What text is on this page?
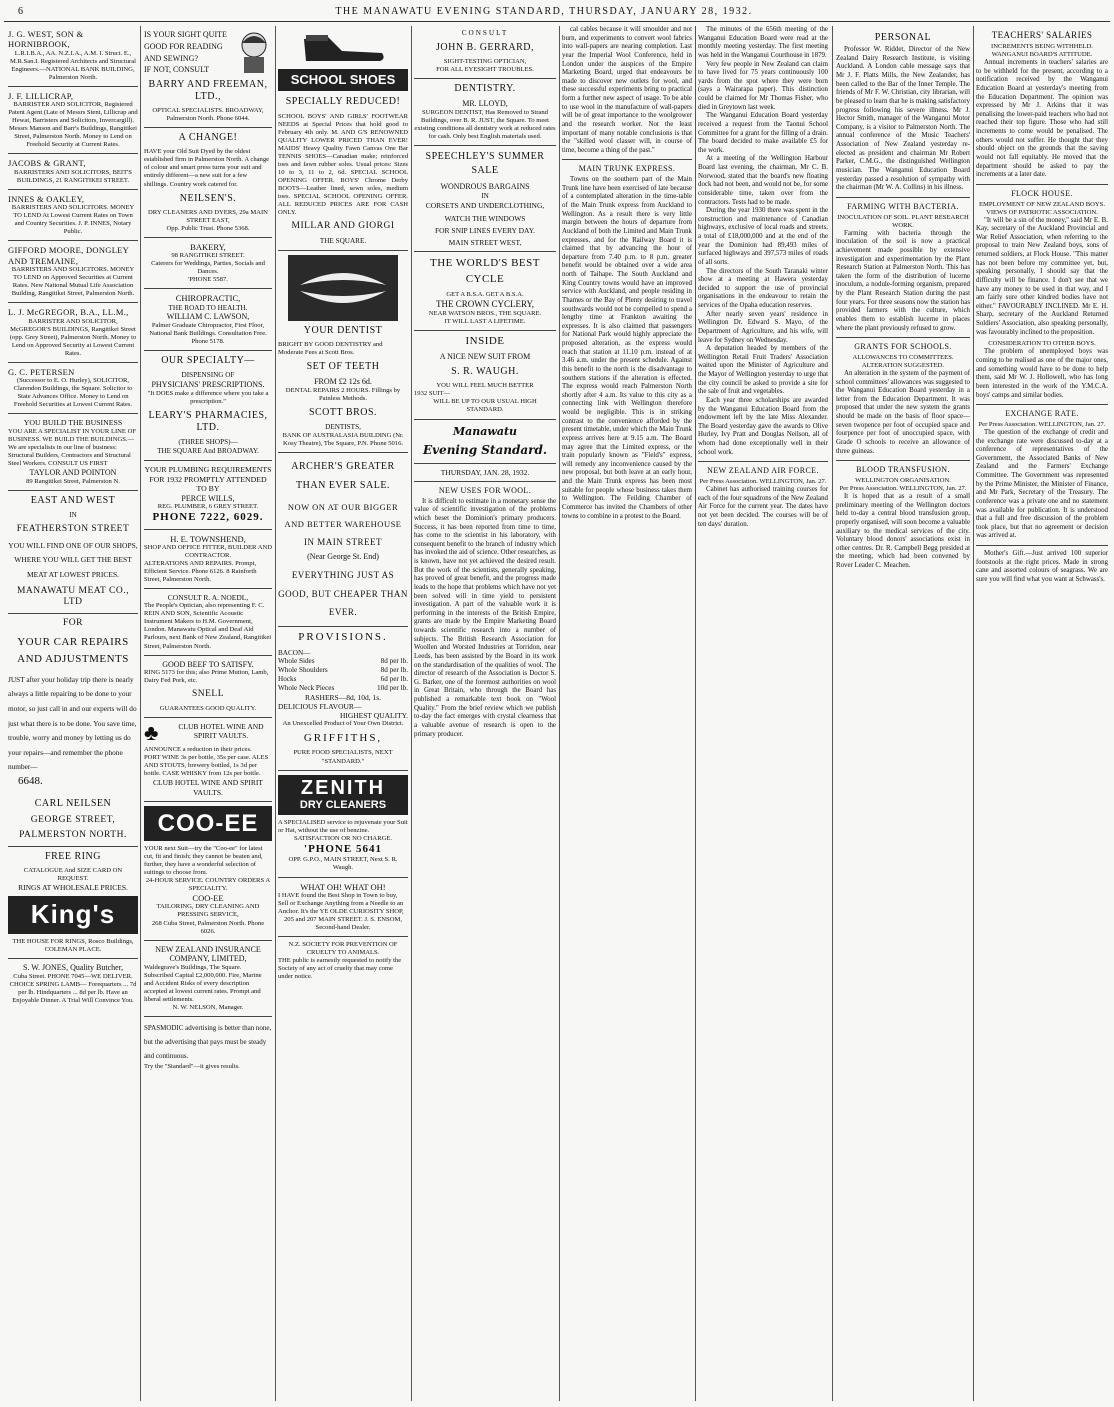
6	THE MANAWATU EVENING STANDARD, THURSDAY, JANUARY 28, 1932.
J. G. WEST, SON & HORNIBROOK,
L.R.I.B.A., AA. N.Z.I.A., A.M. I. Struct. E., M.R.San.I. Registered Architects and Structural Engineers.—NATIONAL BANK BUILDING, Palmerston North.
J. F. LILLICRAP,
BARRISTER AND SOLICITOR, Registered Patent Agent (Late of Messrs Stent, Lillicrap and Hewat, Barristers and Solicitors, Invercargill). Messrs Manson and Barr's Buildings, Rangitikei Street, Palmerston North. Money to Lend on Freehold Security at Current Rates.
JACOBS & GRANT,
BARRISTERS AND SOLICITORS, BEIT'S BUILDINGS, 21 RANGITIKEI STREET.
INNES & OAKLEY,
BARRISTERS AND SOLICITORS. MONEY TO LEND At Lowest Current Rates on Town and Country Securities. J. P. INNES, Notary Public.
GIFFORD MOORE, DONGLEY AND TREMAINE,
BARRISTERS AND SOLICITORS. MONEY TO LEND on Approved Securities at Current Rates. New National Mutual Life Association Building, Rangitikei Street, Palmerston North.
L. J. McGREGOR, B.A., LL.M.,
BARRISTER AND SOLICITOR, McGREGOR'S BUILDINGS, Rangitikei Street (opp. Grey Street), Palmerston North. Money to Lend on Approved Security at Lowest Current Rates.
G. C. PETERSEN
(Successor to E. O. Hurley), SOLICITOR, Clarendon Buildings, the Square. Solicitor to State Advances Office. Money to Lend on Freehold Securities at Lowest Current Rates.
YOU BUILD THE BUSINESS
YOU ARE A SPECIALIST IN YOUR LINE OF BUSINESS. WE BUILD THE BUILDINGS.— We are specialists in our line of business: Structural Builders, Contractors and Structural Steel Workers. CONSULT US FIRST
TAYLOR AND POINTON
89 Rangitikei Street, Palmerston N.
EAST AND WEST
IN
FEATHERSTON STREET
YOU WILL FIND ONE OF OUR SHOPS, WHERE YOU WILL GET THE BEST MEAT AT LOWEST PRICES.
MANAWATU MEAT CO., LTD
FOR
YOUR CAR REPAIRS AND ADJUSTMENTS
JUST after your holiday trip there is nearly always a little repairing to be done to your motor, so just call in and our experts will do just what there is to be done. You save time, trouble, worry and money by letting us do your repairs—and remember the phone number—
6648.
CARL NEILSEN
GEORGE STREET,
PALMERSTON NORTH.
FREE RING
CATALOGUE And SIZE CARD ON REQUEST.
RINGS AT WHOLESALE PRICES.
King's
THE HOUSE FOR RINGS, Rosco Buildings, COLEMAN PLACE.
S. W. JONES, Quality Butcher,
Cuba Street. PHONE 7045—WE DELIVER. CHOICE SPRING LAMB— Forequarters ... 7d per lb. Hindquarters ... 8d per lb. Have an Enjoyable Dinner. A Trial Will Convince You.
IS YOUR SIGHT QUITE GOOD FOR READING AND SEWING?
IF NOT, CONSULT
BARRY AND FREEMAN, LTD.,
OPTICAL SPECIALISTS. BROADWAY, Palmerston North. Phone 6044.
A CHANGE!
HAVE your Old Suit Dyed by the oldest established firm in Palmerston North. A change of colour and smart press turns your suit and entirely different—a new suit for a few shillings. Country work catered for.
NEILSEN'S.
DRY CLEANERS AND DYERS, 29a MAIN STREET EAST,
Opp. Public Trust. Phone 5368.
BAKERY,
98 RANGITIKEI STREET.
Caterers for Weddings, Parties, Socials and Dances.
'PHONE 5587.
CHIROPRACTIC,
THE ROAD TO HEALTH.
WILLIAM C. LAWSON,
Palmer Graduate Chiropractor, First Floor, National Bank Buildings. Consultation Free. Phone 5178.
OUR SPECIALTY—
DISPENSING OF
PHYSICIANS' PRESCRIPTIONS.
"It DOES make a difference where you take a prescription."
LEARY'S PHARMACIES, LTD.
(THREE SHOPS)—
THE SQUARE And BROADWAY.
YOUR PLUMBING REQUIREMENTS FOR 1932 PROMPTLY ATTENDED TO BY
PERCE WILLS,
REG. PLUMBER, 6 GREY STREET.
PHONE 7222, 6029.
H. E. TOWNSHEND,
SHOP AND OFFICE FITTER, BUILDER AND CONTRACTOR.
ALTERATIONS AND REPAIRS. Prompt, Efficient Service. Phone 6126. 8 Rainforth Street, Palmerston North.
CONSULT R. A. NOEDL,
The People's Optician, also representing F. C. REIN AND SON, Scientific Acoustic Instrument Makers to H.M. Government, London. Manawatu Optical and Deaf Aid Parlours, next Bank of New Zealand, Rangitikei Street, Palmerston North.
GOOD BEEF TO SATISFY.
RING 5173 for this; also Prime Mutton, Lamb, Dairy Fed Pork, etc.
SNELL
GUARANTEES GOOD QUALITY.
♣	CLUB HOTEL WINE AND SPIRIT VAULTS.
ANNOUNCE a reduction in their prices.
PORT WINE 3s per bottle, 35s per case. ALES AND STOUTS, brewery bottled, 1s 3d per bottle. CASE WHISKY from 12s per bottle.
CLUB HOTEL WINE AND SPIRIT VAULTS.
COO-EE
YOUR next Suit—try the "Coo-ee" for latest cut, fit and finish; they cannot be beaten and, further, they have a wonderful selection of suitings to choose from.
24-HOUR SERVICE. COUNTRY ORDERS A SPECIALITY.
COO-EE
TAILORING, DRY CLEANING AND PRESSING SERVICE,
268 Cuba Street, Palmerston North. Phone 6026.
NEW ZEALAND INSURANCE COMPANY, LIMITED,
Waldegrave's Buildings, The Square. Subscribed Capital £2,000,000. Fire, Marine and Accident Risks of every description accepted at lowest current rates. Prompt and liberal settlements.
N. W. NELSON, Manager.
SPASMODIC advertising is better than none, but the advertising that pays must be steady and continuous.
Try the "Standard"—it gives results.
SCHOOL SHOES
SPECIALLY REDUCED!
SCHOOL BOYS' AND GIRLS' FOOTWEAR NEEDS at Special Prices that hold good to February 4th only. M. AND G'S RENOWNED QUALITY LOWER PRICED THAN EVER! MAIDS' Heavy Quality Fawn Canvas One Bar TENNIS SHOES—Canadian make; reinforced toes and fawn rubber soles. Usual prices: Sizes 10 to 3, 11 to 2, 6d. SPECIAL SCHOOL OPENING OFFER. BOYS' Chrome Derby BOOTS—Leather lined, sewn soles, medium toes. SPECIAL SCHOOL OPENING OFFER. ALL REDUCED PRICES ARE FOR CASH ONLY.
MILLAR AND GIORGI
THE SQUARE.
YOUR DENTIST
BRIGHT BY GOOD DENTISTRY and Moderate Fees at Scott Bros.
SET OF TEETH
FROM £2 12s 6d.
DENTAL REPAIRS 2 HOURS. Fillings by Painless Methods.
SCOTT BROS.
DENTISTS,
BANK OF AUSTRALASIA BUILDING (Nr. Kosy Theatre), The Square, P.N. Phone 5016.
ARCHER'S GREATER THAN EVER SALE.
NOW ON AT OUR BIGGER AND BETTER WAREHOUSE
IN MAIN STREET
(Near George St. End)
EVERYTHING JUST AS GOOD, BUT CHEAPER THAN EVER.
PROVISIONS.
BACON—
Whole Sides	8d per lb.
Whole Shoulders	8d per lb.
Hocks	6d per lb.
Whole Neck Pieces	10d per lb.
RASHERS—8d, 10d, 1s.
DELICIOUS FLAVOUR—
HIGHEST QUALITY.
An Unexcelled Product of Your Own District.
GRIFFITHS,
PURE FOOD SPECIALISTS, NEXT "STANDARD."
ZENITH
DRY CLEANERS
A SPECIALISED service to rejuvenate your Suit or Hat, without the use of benzine.
SATISFACTION OR NO CHARGE.
'PHONE 5641
OPP. G.P.O., MAIN STREET, Next S. R. Waugh.
WHAT OH! WHAT OH!
I HAVE found the Best Shop in Town to buy, Sell or Exchange Anything from a Needle to an Anchor. It's the YE OLDE CURIOSITY SHOP,
205 and 207 MAIN STREET. J. S. ENSOM, Second-hand Dealer.
N.Z. SOCIETY FOR PREVENTION OF CRUELTY TO ANIMALS.
THE public is earnestly requested to notify the Society of any act of cruelty that may come under notice.
CONSULT
JOHN B. GERRARD,
SIGHT-TESTING OPTICIAN,
FOR ALL EYESIGHT TROUBLES.
DENTISTRY.
MR. LLOYD,
SURGEON DENTIST, Has Removed to Strand Buildings, over B. R. JUST, the Square. To meet existing conditions all dentistry work at reduced rates for cash. Only best English materials used.
SPEECHLEY'S SUMMER SALE
WONDROUS BARGAINS
IN
CORSETS AND UNDERCLOTHING,
WATCH THE WINDOWS
FOR SNIP LINES EVERY DAY.
MAIN STREET WEST,
THE WORLD'S BEST CYCLE
GET A B.S.A. GET A B.S.A.
THE CROWN CYCLERY,
NEAR WATSON BROS., THE SQUARE.
IT WILL LAST A LIFETIME.
INSIDE
A NICE NEW SUIT FROM
S. R. WAUGH.
YOU WILL FEEL MUCH BETTER
1932 SUIT—
WILL BE UP TO OUR USUAL HIGH STANDARD.
Manawatu
Evening Standard.
THURSDAY, JAN. 28, 1932.
NEW USES FOR WOOL.
It is difficult to estimate in a monetary sense the value of scientific investigation of the problems which beset the Dominion's primary producers. Success, it has been reported from time to time, has come to the scientist in his laboratory, with consequent benefit to the branch of industry which has invoked the aid of science. Other researches, as is known, have not yet achieved the desired result. But the work of the scientists, generally speaking, has proved of great benefit, and the progress made leads to the hope that problems which have not yet been solved will in time yield to persistent investigation. A part of the valuable work it is performing in the interests of the British Empire, grants are made by the Empire Marketing Board towards scientific research into a number of subjects. The British Research Association for Woollen and Worsted Industries at Torridon, near Leeds, has been assisted by the Board in its work on the standardisation of the qualities of wool. The director of research of the Association is Doctor S. G. Barker, one of the foremost authorities on wool in Great Britain, who through the Board has published a remarkable text book on "Wool Quality." From the brief review which we publish to-day the fact emerges with crystal clearness that a valuable avenue of research is open to the primary producer.
cal cables because it will smoulder and not burn, and experiments to convert wool fabrics into wall-papers are nearing completion. Last year the Imperial Wool Conference, held in London under the auspices of the Empire Marketing Board, urged that endeavours be made to discover new outlets for wool, and these successful experiments bring to practical form a further new aspect of usage. To be able to use wool in the manufacture of wall-papers will be of great importance to the woolgrower and the research worker. Not the least important of many notable conclusions is that the "skilled wool classer will, in course of time, become a thing of the past."
MAIN TRUNK EXPRESS.
Towns on the southern part of the Main Trunk line have been exercised of late because of a contemplated alteration in the time-table of the Main Trunk express from Auckland to Wellington. As a result there is very little margin between the hours of departure from Auckland of both the Limited and Main Trunk expresses, and for the Railway Board it is claimed that by advancing the hour of departure from 7.40 p.m. to 8 p.m. greater benefit would be obtained over a wide area north of Taihape. The South Auckland and King Country towns would have an improved service with Auckland, and people residing in Thames or the Bay of Plenty desiring to travel southwards would not be compelled to spend a lengthy time at Frankton awaiting the expresses. It is also claimed that passengers for National Park would highly appreciate the proposed alteration, as the express would reach that station at 11.10 p.m. instead of at 3.46 a.m. under the present schedule. Against this benefit to the north is the disadvantage to southern stations if the alteration is effected. The express would reach Palmerston North shortly after 4 a.m. Its value to this city as a connecting link with Wellington therefore would be negligible. This is in striking contrast to the convenience afforded by the present timetable, under which the Main Trunk express arrives here at 9.15 a.m. The Board may agree that the Limited express, or the train popularly known as "Field's" express, will remedy any inconvenience caused by the new proposal, but both leave at an early hour, and the Main Trunk express has been most suitable for people whose business takes them to Wellington. The Feilding Chamber of Commerce has invited the Chambers of other towns to combine in a protest to the Board.

The minutes of the 656th meeting of the Wanganui Education Board were read at the monthly meeting yesterday. The first meeting was held in the Wanganui Courthouse in 1879.

Very few people in New Zealand can claim to have lived for 75 years continuously 100 yards from the spot where they were born (says a Wairarapa paper). This distinction could be claimed for Mr Thomas Fisher, who died in Greytown last week.

The Wanganui Education Board yesterday received a request from the Taonui School Committee for a grant for the filling of a drain. The board decided to make available £5 for the work.

At a meeting of the Wellington Harbour Board last evening, the chairman, Mr C. B. Norwood, stated that the board's new floating dock had not been, and would not be, for some considerable time, taken over from the contractors. Tests had to be made.

During the year 1930 there was spent in the construction and maintenance of Canadian highways, exclusive of local roads and streets, a total of £18,000,000 and at the end of the year the Dominion had 89,493 miles of surfaced highways and 397,573 miles of roads of all sorts.

The directors of the South Taranaki winter show at a meeting at Hawera yesterday decided to support the use of provincial organisations in the endeavour to retain the services of the Opaha education reserves.

After nearly seven years' residence in Wellington Dr. Edward S. Mayo, of the Department of Agriculture, and his wife, will leave for Sydney on Wednesday.

A deputation headed by members of the Wellington Retail Fruit Traders' Association waited upon the Minister of Agriculture and the Mayor of Wellington yesterday to urge that the city council be asked to provide a site for the sale of fruit and vegetables.

Each year three scholarships are awarded by the Wanganui Education Board from the endowment left by the late Miss Alexander. The Board yesterday gave the awards to Olive Hurley, Ivy Pratt and Douglas Neilson, all of whom had done exceptionally well in their school work.

NEW ZEALAND AIR FORCE.
Per Press Association. WELLINGTON, Jan. 27.
Cabinet has authorised training courses for each of the four squadrons of the New Zealand Air Force for the current year. The dates have not yet been decided. The courses will be of ten days' duration.
PERSONAL
Professor W. Riddet, Director of the New Zealand Dairy Research Institute, is visiting Auckland. A London cable message says that Mr J. F. Platts Mills, the New Zealander, has been called to the Bar of the Inner Temple. The friends of Mr F. W. Christian, city librarian, will be pleased to learn that he is making satisfactory progress following his severe illness. Mr J. Hector Smith, manager of the Wanganui Motor Company, is a visitor to Palmerston North. The annual conference of the Music Teachers' Association of New Zealand yesterday re-elected as president and chairman Mr Robert Parker, C.M.G., the distinguished Wellington musician. The Wanganui Education Board yesterday passed a resolution of sympathy with the chairman (Mr W. A. Collins) in his illness.
FARMING WITH BACTERIA.
INOCULATION OF SOIL. PLANT RESEARCH WORK.
Farming with bacteria through the inoculation of the soil is now a practical achievement made possible by extensive investigation and experimentation by the Plant Research Station at Palmerston North. This has taken the form of the distribution of lucerne inoculum, a nodule-forming organism, prepared by the Plant Research Station during the past four years. For three seasons now the station has provided farmers with the culture, which enables them to establish lucerne in places where the plant previously refused to grow.
GRANTS FOR SCHOOLS.
ALLOWANCES TO COMMITTEES. ALTERATION SUGGESTED.
An alteration in the system of the payment of school committees' allowances was suggested to the Wanganui Education Board yesterday in a letter from the Education Department. It was proposed that under the new system the grants should be made on the basis of floor space—seven twopence per foot of occupied space and fourpence per foot of unoccupied space, with Grade O schools to receive an allowance of three guineas.
BLOOD TRANSFUSION.
WELLINGTON ORGANISATION.
Per Press Association. WELLINGTON, Jan. 27.
It is hoped that as a result of a small preliminary meeting of the Wellington doctors held to-day a central blood transfusion group, properly organised, will soon become a valuable auxiliary to the medical services of the city. Voluntary blood donors' associations exist in other centres. Dr. R. Campbell Begg presided at the meeting, which had been convened by Rover Leader C. Meachen.
TEACHERS' SALARIES
INCREMENTS BEING WITHHELD.
WANGANUI BOARD'S ATTITUDE.
Annual increments in teachers' salaries are to be withheld for the present, according to a notification received by the Wanganui Education Board at yesterday's meeting from the Education Department. The opinion was expressed by Mr J. Arkins that it was penalising the lower-paid teachers who had not reached their top figure. Those who had still increments to come would be penalised. The others would not suffer. He thought that they should object on the grounds that the saving would not fall equitably. He moved that the department should be asked to pay the increments at a later date.
FLOCK HOUSE.
EMPLOYMENT OF NEW ZEALAND BOYS.
VIEWS OF PATRIOTIC ASSOCIATION.
"It will be a sin of the money," said Mr E. B. Kay, secretary of the Auckland Provincial and War Relief Association, when referring to the proposal to train New Zealand boys, sons of returned soldiers, at Flock House. "This matter has not been before my committee yet, but, speaking personally, I should say that the difficulty will be finance. I don't see that we have any money to be used in that way, and I am fairly sure other kindred bodies have not either." FAVOURABLY INCLINED. Mr E. H. Sharp, secretary of the Auckland Returned Soldiers' Association, also speaking personally, was favourably inclined to the proposition.
CONSIDERATION TO OTHER BOYS.
The problem of unemployed boys was coming to be realised as one of the major ones, and something would have to be done to help them, said Mr W. J. Hollowell, who has long been interested in the work of the Y.M.C.A. boys' camps and similar bodies.
EXCHANGE RATE.
Per Press Association. WELLINGTON, Jan. 27.
The question of the exchange of credit and the exchange rate were discussed to-day at a conference of representatives of the Government, the Associated Banks of New Zealand and the Farmers' Exchange Committee. The Government was represented by the Prime Minister, the Minister of Finance, and Mr Park, Secretary of the Treasury. The conference was a private one and no statement was available for publication. It is understood that a full and free discussion of the problem took place, but that no agreement or decision was arrived at.
Mother's Gift.—Just arrived 100 superior footstools at the right prices. Made in strong cane and assorted colours of seagrass. We are sure you will find what you want at Schwass's.
